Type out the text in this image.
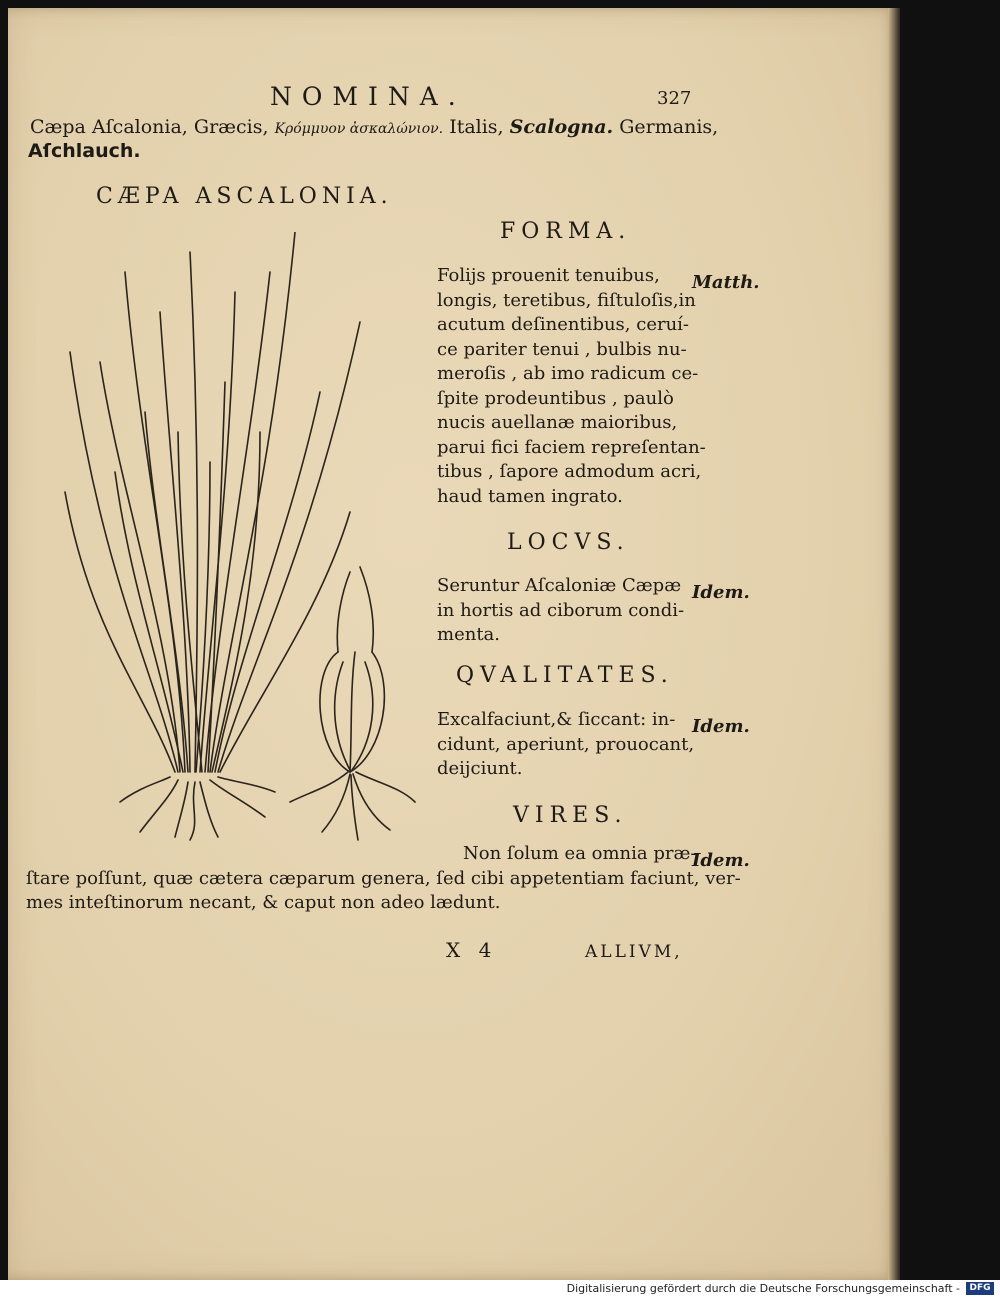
NOMINA.	327
Cæpa Aſcalonia, Græcis, Κρόμμυον ἀσκαλώνιον. Italis, Scalogna. Germanis,
Aſchlauch.
CÆPA ASCALONIA.
FORMA.
Folijs prouenit tenuibus,
longis, teretibus, fiſtuloſis,in
acutum deſinentibus, ceruí-
ce pariter tenui , bulbis nu-
meroſis , ab imo radicum ce-
ſpite prodeuntibus , paulò
nucis auellanæ maioribus,
parui fici faciem repreſentan-
tibus , ſapore admodum acri,
haud tamen ingrato.
Matth.
LOCVS.
Seruntur Aſcaloniæ Cæpæ
in hortis ad ciborum condi-
menta.
Idem.
QVALITATES.
Excalfaciunt,& ſiccant: in-
cidunt, aperiunt, prouocant,
deijciunt.
Idem.
VIRES.
Non ſolum ea omnia præ-
ſtare poſſunt, quæ cætera cæparum genera, ſed cibi appetentiam faciunt, ver-
mes inteſtinorum necant, & caput non adeo lædunt.
Idem.
X 4	ALLIVM,
Digitalisierung gefördert durch die Deutsche Forschungsgemeinschaft -	DFG
